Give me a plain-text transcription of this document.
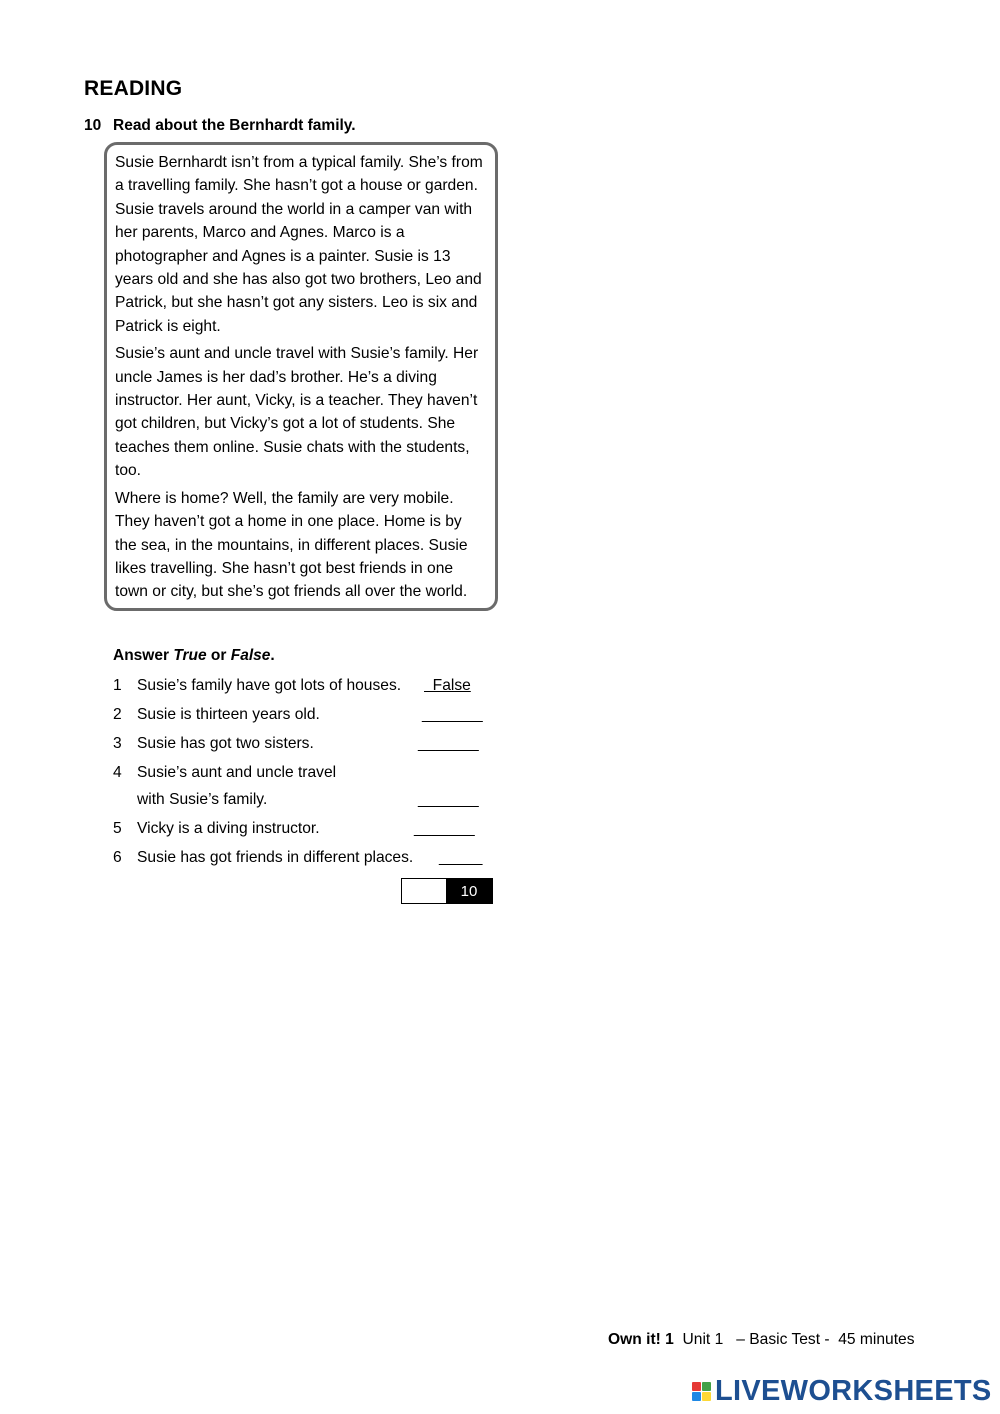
READING
10 Read about the Bernhardt family.

Susie Bernhardt isn’t from a typical family. She’s from a travelling family. She hasn’t got a house or garden. Susie travels around the world in a camper van with her parents, Marco and Agnes. Marco is a photographer and Agnes is a painter. Susie is 13 years old and she has also got two brothers, Leo and Patrick, but she hasn’t got any sisters. Leo is six and Patrick is eight.

Susie’s aunt and uncle travel with Susie’s family. Her uncle James is her dad’s brother. He’s a diving instructor. Her aunt, Vicky, is a teacher. They haven’t got children, but Vicky’s got a lot of students. She teaches them online. Susie chats with the students, too.

Where is home? Well, the family are very mobile. They haven’t got a home in one place. Home is by the sea, in the mountains, in different places. Susie likes travelling. She hasn’t got best friends in one town or city, but she’s got friends all over the world.

Answer True or False.
1 Susie’s family have got lots of houses. False
2 Susie is thirteen years old.	_______
3 Susie has got two sisters.	_______
4 Susie’s aunt and uncle travel
with Susie’s family.	_______
5 Vicky is a diving instructor.	_______
6 Susie has got friends in different places. _____
10
Own it! 1 Unit 1 – Basic Test - 45 minutes
LIVEWORKSHEETS
